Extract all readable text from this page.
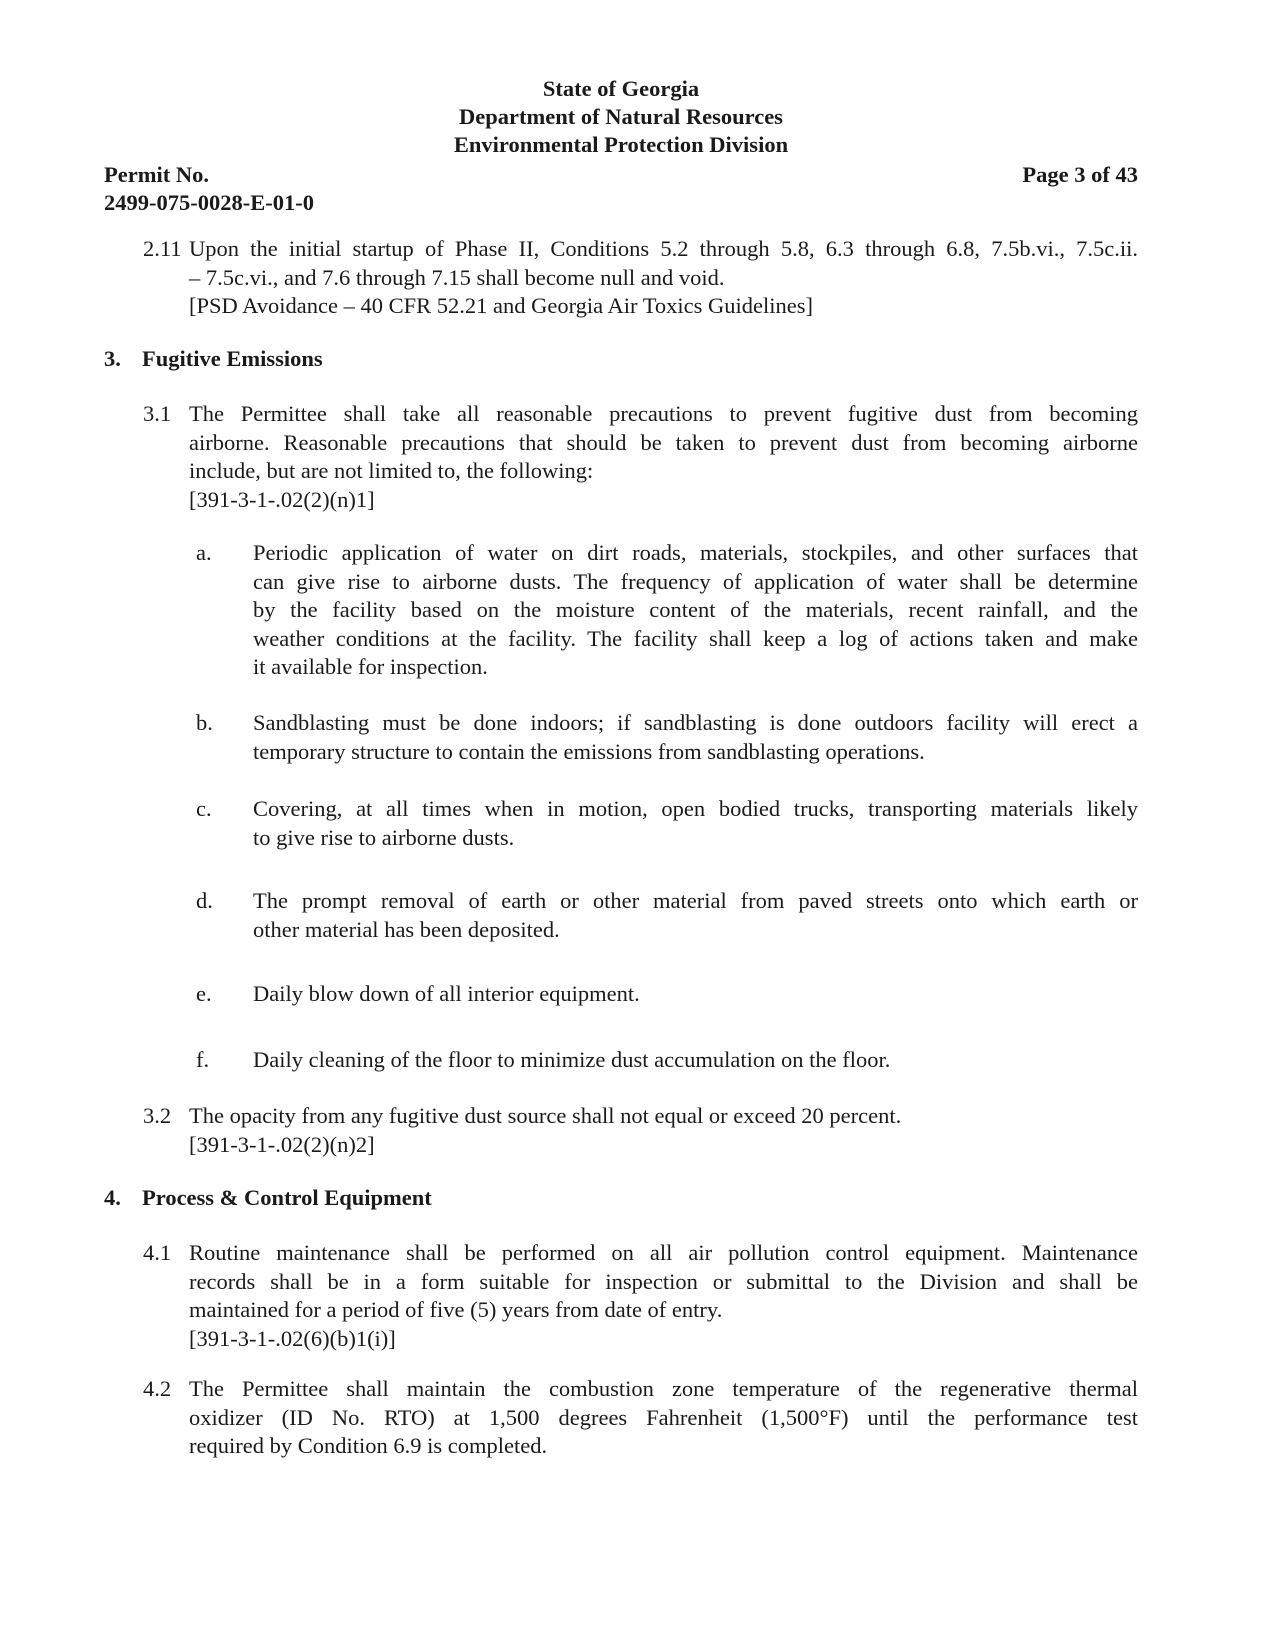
State of Georgia
Department of Natural Resources
Environmental Protection Division
Permit No.
2499-075-0028-E-01-0
Page 3 of 43
2.11 Upon the initial startup of Phase II, Conditions 5.2 through 5.8, 6.3 through 6.8, 7.5b.vi., 7.5c.ii.
– 7.5c.vi., and 7.6 through 7.15 shall become null and void.
[PSD Avoidance – 40 CFR 52.21 and Georgia Air Toxics Guidelines]
3. Fugitive Emissions
3.1 The Permittee shall take all reasonable precautions to prevent fugitive dust from becoming
airborne. Reasonable precautions that should be taken to prevent dust from becoming airborne
include, but are not limited to, the following:
[391-3-1-.02(2)(n)1]
a. Periodic application of water on dirt roads, materials, stockpiles, and other surfaces that
can give rise to airborne dusts. The frequency of application of water shall be determine
by the facility based on the moisture content of the materials, recent rainfall, and the
weather conditions at the facility. The facility shall keep a log of actions taken and make
it available for inspection.
b. Sandblasting must be done indoors; if sandblasting is done outdoors facility will erect a
temporary structure to contain the emissions from sandblasting operations.
c. Covering, at all times when in motion, open bodied trucks, transporting materials likely
to give rise to airborne dusts.
d. The prompt removal of earth or other material from paved streets onto which earth or
other material has been deposited.
e. Daily blow down of all interior equipment.
f. Daily cleaning of the floor to minimize dust accumulation on the floor.
3.2 The opacity from any fugitive dust source shall not equal or exceed 20 percent.
[391-3-1-.02(2)(n)2]
4. Process & Control Equipment
4.1 Routine maintenance shall be performed on all air pollution control equipment. Maintenance
records shall be in a form suitable for inspection or submittal to the Division and shall be
maintained for a period of five (5) years from date of entry.
[391-3-1-.02(6)(b)1(i)]
4.2 The Permittee shall maintain the combustion zone temperature of the regenerative thermal
oxidizer (ID No. RTO) at 1,500 degrees Fahrenheit (1,500°F) until the performance test
required by Condition 6.9 is completed.
